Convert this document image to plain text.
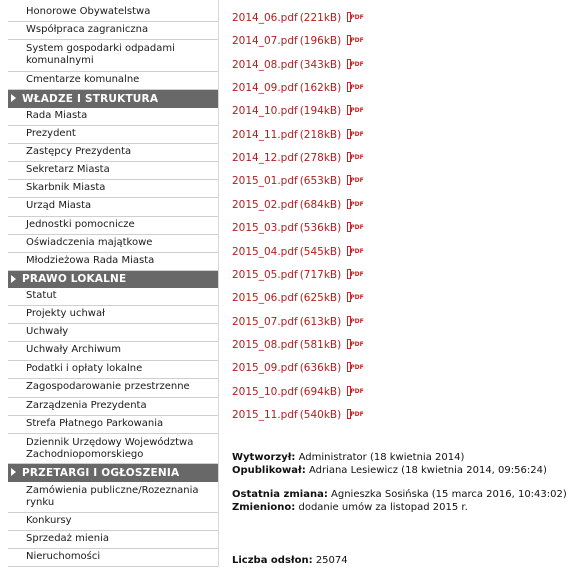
Honorowe Obywatelstwa
Współpraca zagraniczna
System gospodarki odpadami komunalnymi
Cmentarze komunalne
WŁADZE I STRUKTURA
Rada Miasta
Prezydent
Zastępcy Prezydenta
Sekretarz Miasta
Skarbnik Miasta
Urząd Miasta
Jednostki pomocnicze
Oświadczenia majątkowe
Młodzieżowa Rada Miasta
PRAWO LOKALNE
Statut
Projekty uchwał
Uchwały
Uchwały Archiwum
Podatki i opłaty lokalne
Zagospodarowanie przestrzenne
Zarządzenia Prezydenta
Strefa Płatnego Parkowania
Dziennik Urzędowy Województwa Zachodniopomorskiego
PRZETARGI I OGŁOSZENIA
Zamówienia publiczne/Rozeznania rynku
Konkursy
Sprzedaż mienia
Nieruchomości
2014_06.pdf (221kB) PDF
2014_07.pdf (196kB) PDF
2014_08.pdf (343kB) PDF
2014_09.pdf (162kB) PDF
2014_10.pdf (194kB) PDF
2014_11.pdf (218kB) PDF
2014_12.pdf (278kB) PDF
2015_01.pdf (653kB) PDF
2015_02.pdf (684kB) PDF
2015_03.pdf (536kB) PDF
2015_04.pdf (545kB) PDF
2015_05.pdf (717kB) PDF
2015_06.pdf (625kB) PDF
2015_07.pdf (613kB) PDF
2015_08.pdf (581kB) PDF
2015_09.pdf (636kB) PDF
2015_10.pdf (694kB) PDF
2015_11.pdf (540kB) PDF
Wytworzył: Administrator (18 kwietnia 2014)
Opublikował: Adriana Lesiewicz (18 kwietnia 2014, 09:56:24)
Ostatnia zmiana: Agnieszka Sosińska (15 marca 2016, 10:43:02)
Zmieniono: dodanie umów za listopad 2015 r.
Liczba odsłon: 25074
